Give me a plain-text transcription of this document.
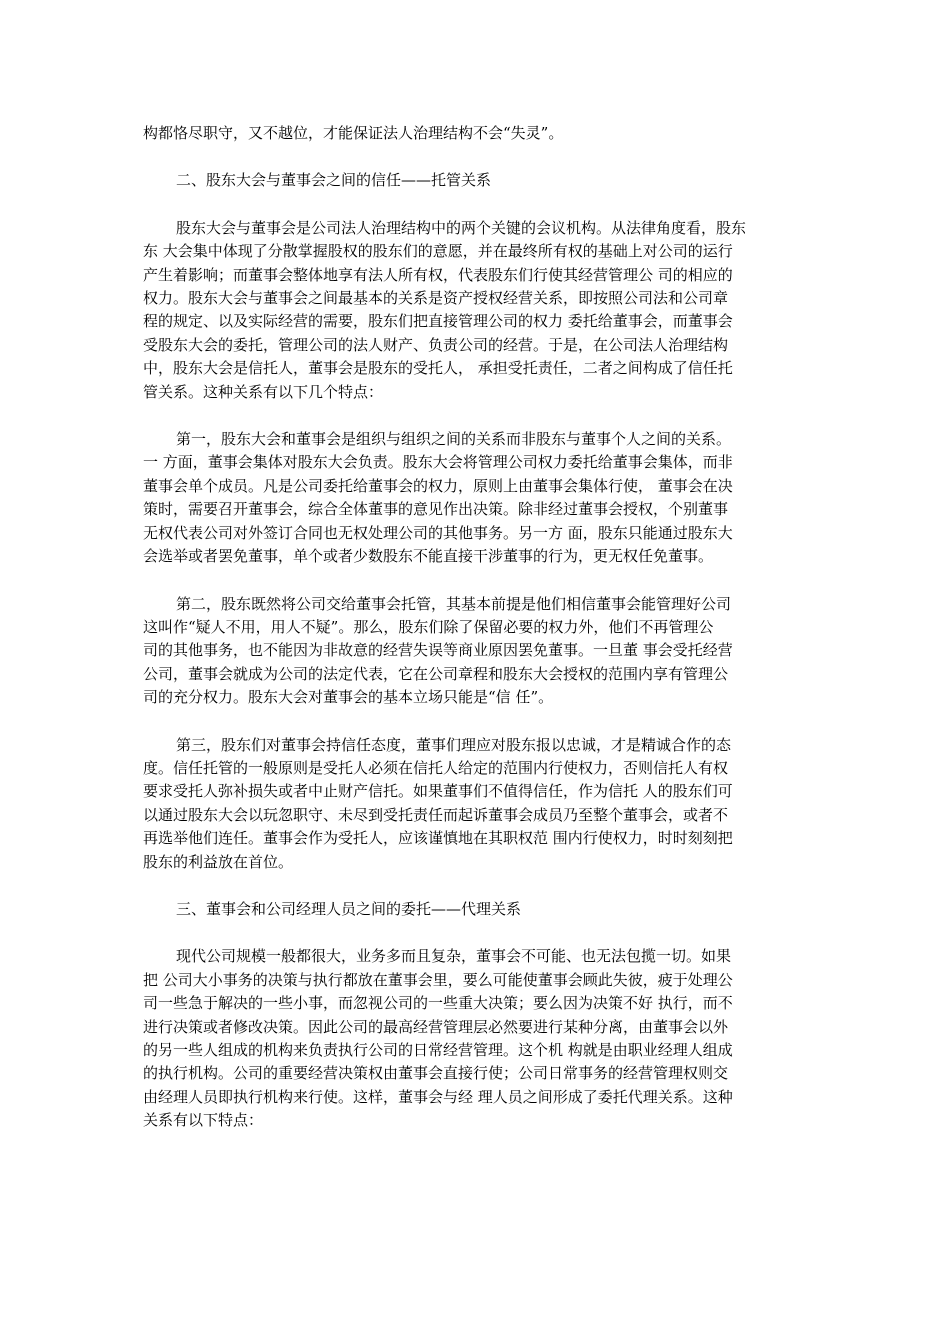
构都恪尽职守，又不越位，才能保证法人治理结构不会“失灵”。
二、股东大会与董事会之间的信任——托管关系
股东大会与董事会是公司法人治理结构中的两个关键的会议机构。从法律角度看，股东
东 大会集中体现了分散掌握股权的股东们的意愿，并在最终所有权的基础上对公司的运行
产生着影响；而董事会整体地享有法人所有权，代表股东们行使其经营管理公 司的相应的
权力。股东大会与董事会之间最基本的关系是资产授权经营关系，即按照公司法和公司章
程的规定、以及实际经营的需要，股东们把直接管理公司的权力 委托给董事会，而董事会
受股东大会的委托，管理公司的法人财产、负责公司的经营。于是，在公司法人治理结构
中，股东大会是信托人，董事会是股东的受托人， 承担受托责任，二者之间构成了信任托
管关系。这种关系有以下几个特点：
第一，股东大会和董事会是组织与组织之间的关系而非股东与董事个人之间的关系。
一 方面，董事会集体对股东大会负责。股东大会将管理公司权力委托给董事会集体，而非
董事会单个成员。凡是公司委托给董事会的权力，原则上由董事会集体行使， 董事会在决
策时，需要召开董事会，综合全体董事的意见作出决策。除非经过董事会授权，个别董事
无权代表公司对外签订合同也无权处理公司的其他事务。另一方 面，股东只能通过股东大
会选举或者罢免董事，单个或者少数股东不能直接干涉董事的行为，更无权任免董事。
第二，股东既然将公司交给董事会托管，其基本前提是他们相信董事会能管理好公司
这叫作“疑人不用，用人不疑”。那么，股东们除了保留必要的权力外，他们不再管理公
司的其他事务，也不能因为非故意的经营失误等商业原因罢免董事。一旦董 事会受托经营
公司，董事会就成为公司的法定代表，它在公司章程和股东大会授权的范围内享有管理公
司的充分权力。股东大会对董事会的基本立场只能是“信 任”。
第三，股东们对董事会持信任态度，董事们理应对股东报以忠诚，才是精诚合作的态
度。信任托管的一般原则是受托人必须在信托人给定的范围内行使权力，否则信托人有权
要求受托人弥补损失或者中止财产信托。如果董事们不值得信任，作为信托 人的股东们可
以通过股东大会以玩忽职守、未尽到受托责任而起诉董事会成员乃至整个董事会，或者不
再选举他们连任。董事会作为受托人，应该谨慎地在其职权范 围内行使权力，时时刻刻把
股东的利益放在首位。
三、董事会和公司经理人员之间的委托——代理关系
现代公司规模一般都很大，业务多而且复杂，董事会不可能、也无法包揽一切。如果
把 公司大小事务的决策与执行都放在董事会里，要么可能使董事会顾此失彼，疲于处理公
司一些急于解决的一些小事，而忽视公司的一些重大决策；要么因为决策不好 执行，而不
进行决策或者修改决策。因此公司的最高经营管理层必然要进行某种分离，由董事会以外
的另一些人组成的机构来负责执行公司的日常经营管理。这个机 构就是由职业经理人组成
的执行机构。公司的重要经营决策权由董事会直接行使；公司日常事务的经营管理权则交
由经理人员即执行机构来行使。这样，董事会与经 理人员之间形成了委托代理关系。这种
关系有以下特点：
